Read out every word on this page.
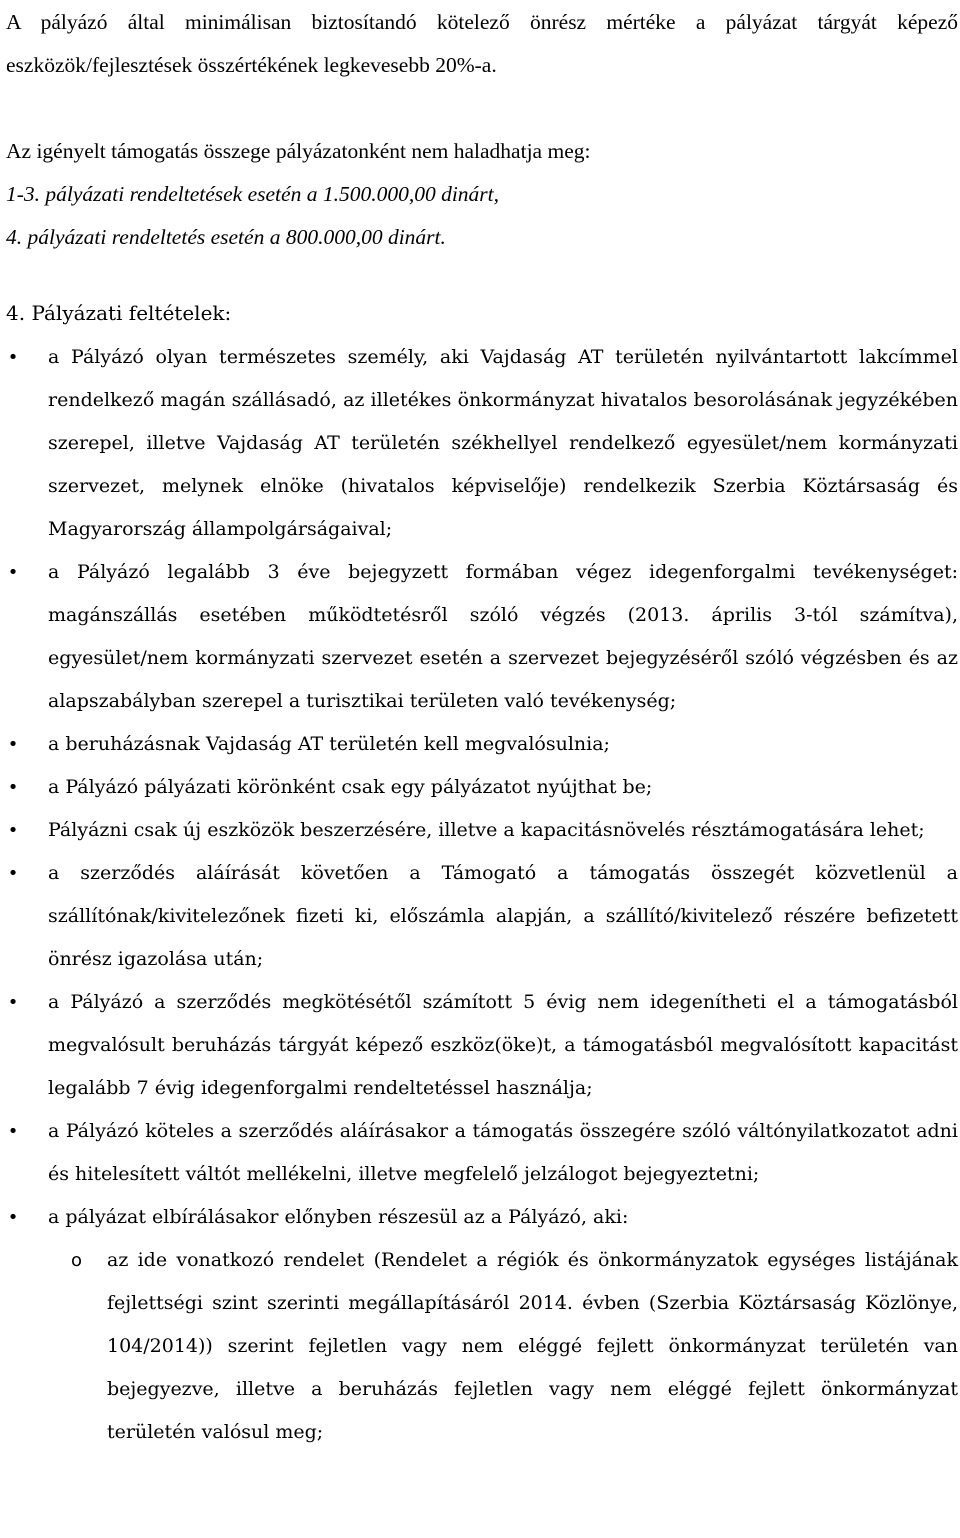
A pályázó által minimálisan biztosítandó kötelező önrész mértéke a pályázat tárgyát képező eszközök/fejlesztések összértékének legkevesebb 20%-a.

Az igényelt támogatás összege pályázatonként nem haladhatja meg:
1-3. pályázati rendeltetések esetén a 1.500.000,00 dinárt,
4. pályázati rendeltetés esetén a 800.000,00 dinárt.
4. Pályázati feltételek:
• a Pályázó olyan természetes személy, aki Vajdaság AT területén nyilvántartott lakcímmel rendelkező magán szállásadó, az illetékes önkormányzat hivatalos besorolásának jegyzékében szerepel, illetve Vajdaság AT területén székhellyel rendelkező egyesület/nem kormányzati szervezet, melynek elnöke (hivatalos képviselője) rendelkezik Szerbia Köztársaság és Magyarország állampolgárságaival;
• a Pályázó legalább 3 éve bejegyzett formában végez idegenforgalmi tevékenységet: magánszállás esetében működtetésről szóló végzés (2013. április 3-tól számítva), egyesület/nem kormányzati szervezet esetén a szervezet bejegyzéséről szóló végzésben és az alapszabályban szerepel a turisztikai területen való tevékenység;
• a beruházásnak Vajdaság AT területén kell megvalósulnia;
• a Pályázó pályázati körönként csak egy pályázatot nyújthat be;
• Pályázni csak új eszközök beszerzésére, illetve a kapacitásnövelés résztámogatására lehet;
• a szerződés aláírását követően a Támogató a támogatás összegét közvetlenül a szállítónak/kivitelezőnek fizeti ki, előszámla alapján, a szállító/kivitelező részére befizetett önrész igazolása után;
• a Pályázó a szerződés megkötésétől számított 5 évig nem idegenítheti el a támogatásból megvalósult beruházás tárgyát képező eszköz(öke)t, a támogatásból megvalósított kapacitást legalább 7 évig idegenforgalmi rendeltetéssel használja;
• a Pályázó köteles a szerződés aláírásakor a támogatás összegére szóló váltónyilatkozatot adni és hitelesített váltót mellékelni, illetve megfelelő jelzálogot bejegyeztetni;
• a pályázat elbírálásakor előnyben részesül az a Pályázó, aki:
o az ide vonatkozó rendelet (Rendelet a régiók és önkormányzatok egységes listájának fejlettségi szint szerinti megállapításáról 2014. évben (Szerbia Köztársaság Közlönye, 104/2014)) szerint fejletlen vagy nem eléggé fejlett önkormányzat területén van bejegyezve, illetve a beruházás fejletlen vagy nem eléggé fejlett önkormányzat területén valósul meg;
